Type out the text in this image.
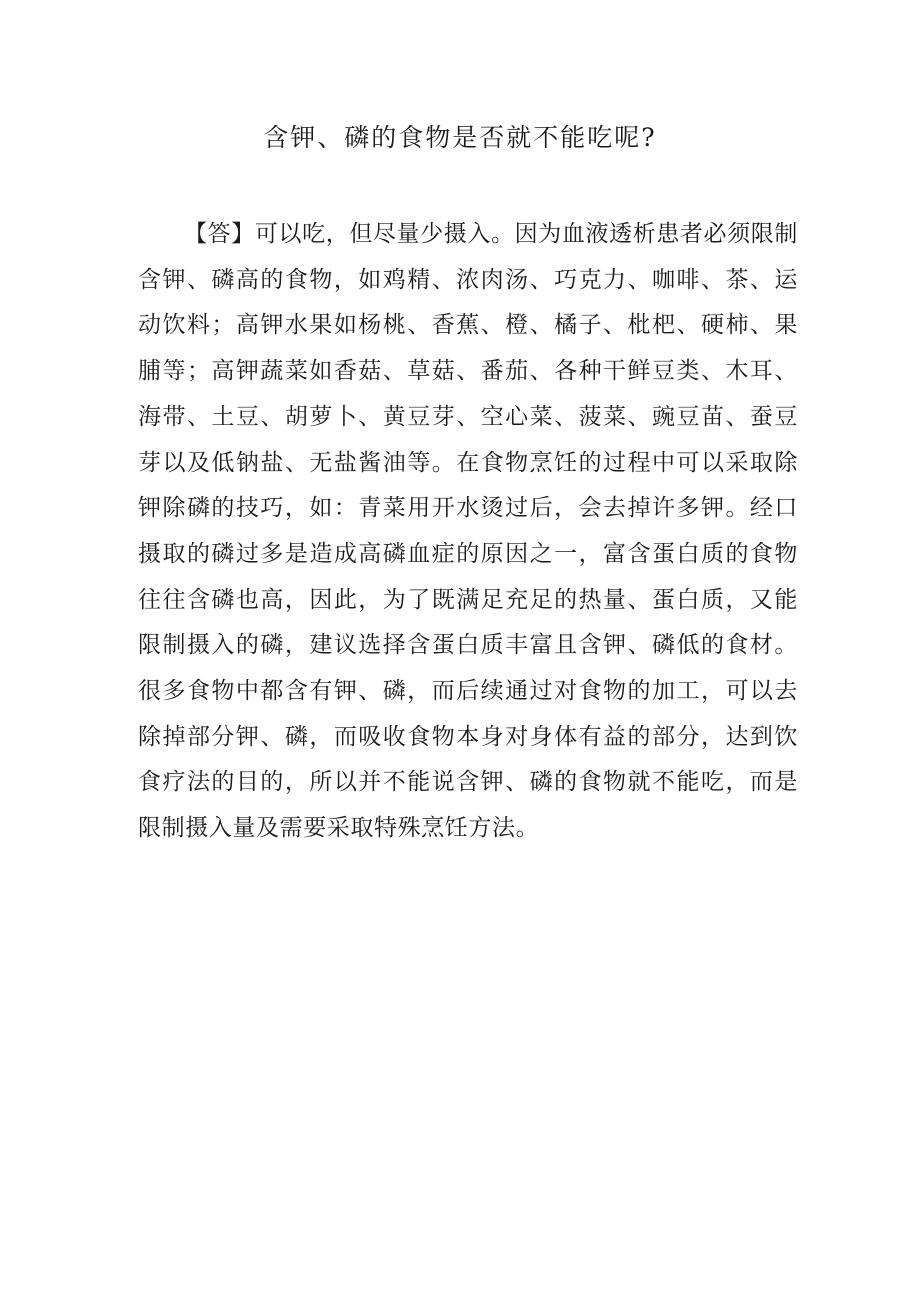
含钾、磷的食物是否就不能吃呢?

【答】可以吃，但尽量少摄入。因为血液透析患者必须限制含钾、磷高的食物，如鸡精、浓肉汤、巧克力、咖啡、茶、运动饮料；高钾水果如杨桃、香蕉、橙、橘子、枇杷、硬柿、果脯等；高钾蔬菜如香菇、草菇、番茄、各种干鲜豆类、木耳、海带、土豆、胡萝卜、黄豆芽、空心菜、菠菜、豌豆苗、蚕豆芽以及低钠盐、无盐酱油等。在食物烹饪的过程中可以采取除钾除磷的技巧，如：青菜用开水烫过后，会去掉许多钾。经口摄取的磷过多是造成高磷血症的原因之一，富含蛋白质的食物往往含磷也高，因此，为了既满足充足的热量、蛋白质，又能限制摄入的磷，建议选择含蛋白质丰富且含钾、磷低的食材。很多食物中都含有钾、磷，而后续通过对食物的加工，可以去除掉部分钾、磷，而吸收食物本身对身体有益的部分，达到饮食疗法的目的，所以并不能说含钾、磷的食物就不能吃，而是限制摄入量及需要采取特殊烹饪方法。
